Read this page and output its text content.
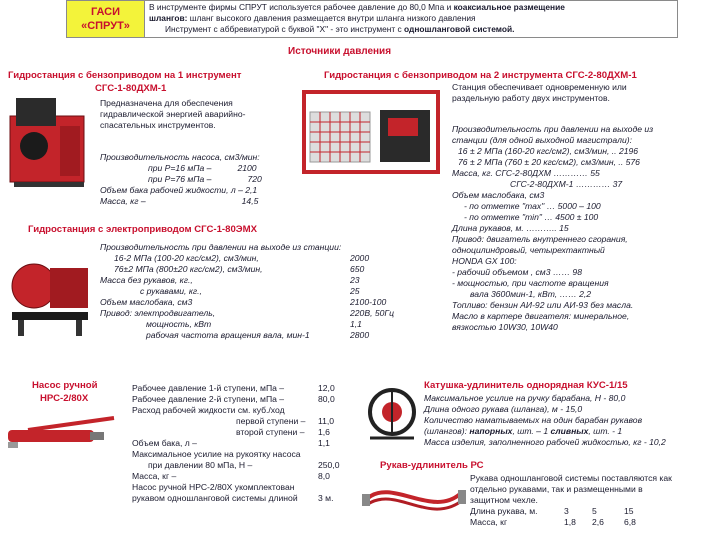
ГАСИ
«СПРУТ»
В инструменте фирмы СПРУТ используется рабочее давление до 80,0 Мпа и коаксиальное размещение
шлангов: шланг высокого давления размещается внутри шланга низкого давления
Инструмент с аббревиатурой с буквой "Х" - это инструмент с одношланговой системой.
Источники давления
Гидростанция с бензоприводом на 1 инструмент
СГС-1-80ДХМ-1
Предназначена для обеспечения
гидравлической энергией аварийно-
спасательных инструментов.
Производительность насоса, см3/мин:
при P=16 мПа –	2100
при P=76 мПа –	720
Объем бака рабочей жидкости, л – 2,1
Масса, кг –	14,5
Гидростанция с бензоприводом на 2 инструмента СГС-2-80ДХМ-1
Станция обеспечивает одновременную или
раздельную работу двух инструментов.
Производительность при давлении на выходе из
станции (для одной выходной магистрали):
16 ± 2 МПа (160-20 кгс/см2), см3/мин, .. 2196
76 ± 2 МПа (760 ± 20 кгс/см2), см3/мин, .. 576
Масса, кг. СГС-2-80ДХМ ………… 55
СГС-2-80ДХМ-1 ………… 37
Объем маслобака, см3
- по отметке "max" … 5000 – 100
- по отметке "min" … 4500 ± 100
Длина рукавов, м. ……….. 15
Привод: двигатель внутреннего сгорания,
одноцилиндровый, четырехтактный
HONDA GX 100:
- рабочий объемом , см3 …… 98
- мощностью, при частоте вращения
вала 3600мин-1, кВт, …… 2,2
Топливо: бензин АИ-92 или АИ-93 без масла.
Масло в картере двигателя: минеральное,
вязкостью 10W30, 10W40
Гидростанция с электроприводом СГС-1-80ЭМХ
Производительность при давлении на выходе из станции:
16-2 МПа (100-20 кгс/см2), см3/мин,	2000
76±2 МПа (800±20 кгс/см2), см3/мин,	650
Масса без рукавов, кг.,	23
с рукавами, кг.,	25
Объем маслобака, см3	2100-100
Привод: электродвигатель,	220В, 50Гц
мощность, кВт	1,1
рабочая частота вращения вала, мин-1	2800
Насос ручной
НРС-2/80Х
Рабочее давление 1-й ступени, мПа –	12,0
Рабочее давление 2-й ступени, мПа –	80,0
Расход рабочей жидкости см. куб./ход	
первой ступени –	11,0
второй ступени –	1,6
Объем бака, л –	1,1
Максимальное усилие на рукоятку насоса	
при давлении 80 мПа, Н –	250,0
Масса, кг –	8,0
Насос ручной НРС-2/80Х укомплектован	
рукавом одношланговой системы длиной	3 м.
Катушка-удлинитель однорядная КУС-1/15
Максимальное усилие на ручку барабана, Н - 80,0
Длина одного рукава (шланга), м - 15,0
Количество наматываемых на один барабан рукавов
(шлангов): напорных, шт. – 1 сливных, шт. - 1
Масса изделия, заполненного рабочей жидкостью, кг - 10,2
Рукав-удлинитель РС
Рукава одношланговой системы поставляются как
отдельно рукавами, так и размещенными в
защитном чехле.
Длина рукава, м.	3	5	15
Масса, кг	1,8	2,6	6,8
